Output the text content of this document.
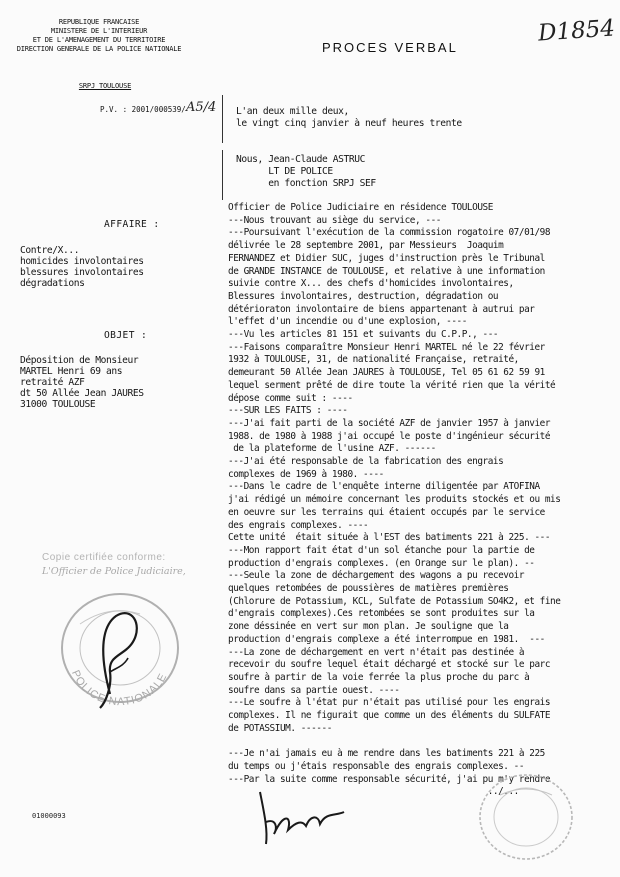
REPUBLIQUE FRANCAISE
MINISTERE DE L'INTERIEUR
ET DE L'AMENAGEMENT DU TERRITOIRE
DIRECTION GENERALE DE LA POLICE NATIONALE
SRPJ TOULOUSE
P.V. : 2001/000539/ A5/4
PROCES VERBAL
D1854
L'an deux mille deux,
le vingt cinq janvier à neuf heures trente
Nous, Jean-Claude ASTRUC
LT DE POLICE
en fonction SRPJ SEF
AFFAIRE :
Contre/X...
homicides involontaires
blessures involontaires
dégradations
OBJET :
Déposition de Monsieur
MARTEL Henri 69 ans
retraité AZF
dt 50 Allée Jean JAURES
31000 TOULOUSE
Officier de Police Judiciaire en résidence TOULOUSE
---Nous trouvant au siège du service, ---
---Poursuivant l'exécution de la commission rogatoire 07/01/98
délivrée le 28 septembre 2001, par Messieurs  Joaquim
FERNANDEZ et Didier SUC, juges d'instruction près le Tribunal
de GRANDE INSTANCE de TOULOUSE, et relative à une information
suivie contre X... des chefs d'homicides involontaires,
Blessures involontaires, destruction, dégradation ou
détérioraton involontaire de biens appartenant à autrui par
l'effet d'un incendie ou d'une explosion, ----
---Vu les articles 81 151 et suivants du C.P.P., ---
---Faisons comparaître Monsieur Henri MARTEL né le 22 février
1932 à TOULOUSE, 31, de nationalité Française, retraité,
demeurant 50 Allée Jean JAURES à TOULOUSE, Tel 05 61 62 59 91
lequel serment prêté de dire toute la vérité rien que la vérité
dépose comme suit : ----
---SUR LES FAITS : ----
---J'ai fait parti de la société AZF de janvier 1957 à janvier
1988. de 1980 à 1988 j'ai occupé le poste d'ingénieur sécurité
de la plateforme de l'usine AZF. ------
---J'ai été responsable de la fabrication des engrais
complexes de 1969 à 1980. ----
---Dans le cadre de l'enquête interne diligentée par ATOFINA
j'ai rédigé un mémoire concernant les produits stockés et ou mis
en oeuvre sur les terrains qui étaient occupés par le service
des engrais complexes. ----
Cette unité  était située à l'EST des batiments 221 à 225. ---
---Mon rapport fait état d'un sol étanche pour la partie de
production d'engrais complexes. (en Orange sur le plan). --
---Seule la zone de déchargement des wagons a pu recevoir
quelques retombées de poussières de matières premières
(Chlorure de Potassium, KCL, Sulfate de Potassium SO4K2, et fine
d'engrais complexes).Ces retombées se sont produites sur la
zone déssinée en vert sur mon plan. Je souligne que la
production d'engrais complexe a été interrompue en 1981.  ---
---La zone de déchargement en vert n'était pas destinée à
recevoir du soufre lequel était déchargé et stocké sur le parc
soufre à partir de la voie ferrée la plus proche du parc à
soufre dans sa partie ouest. ----
---Le soufre à l'état pur n'était pas utilisé pour les engrais
complexes. Il ne figurait que comme un des éléments du SULFATE
de POTASSIUM. ------
---Je n'ai jamais eu à me rendre dans les batiments 221 à 225
du temps ou j'étais responsable des engrais complexes. --
---Par la suite comme responsable sécurité, j'ai pu m'y rendre
../...
Copie certifiée conforme:
L'Officier de Police Judiciaire,
POLICE NATIONALE
01000093
